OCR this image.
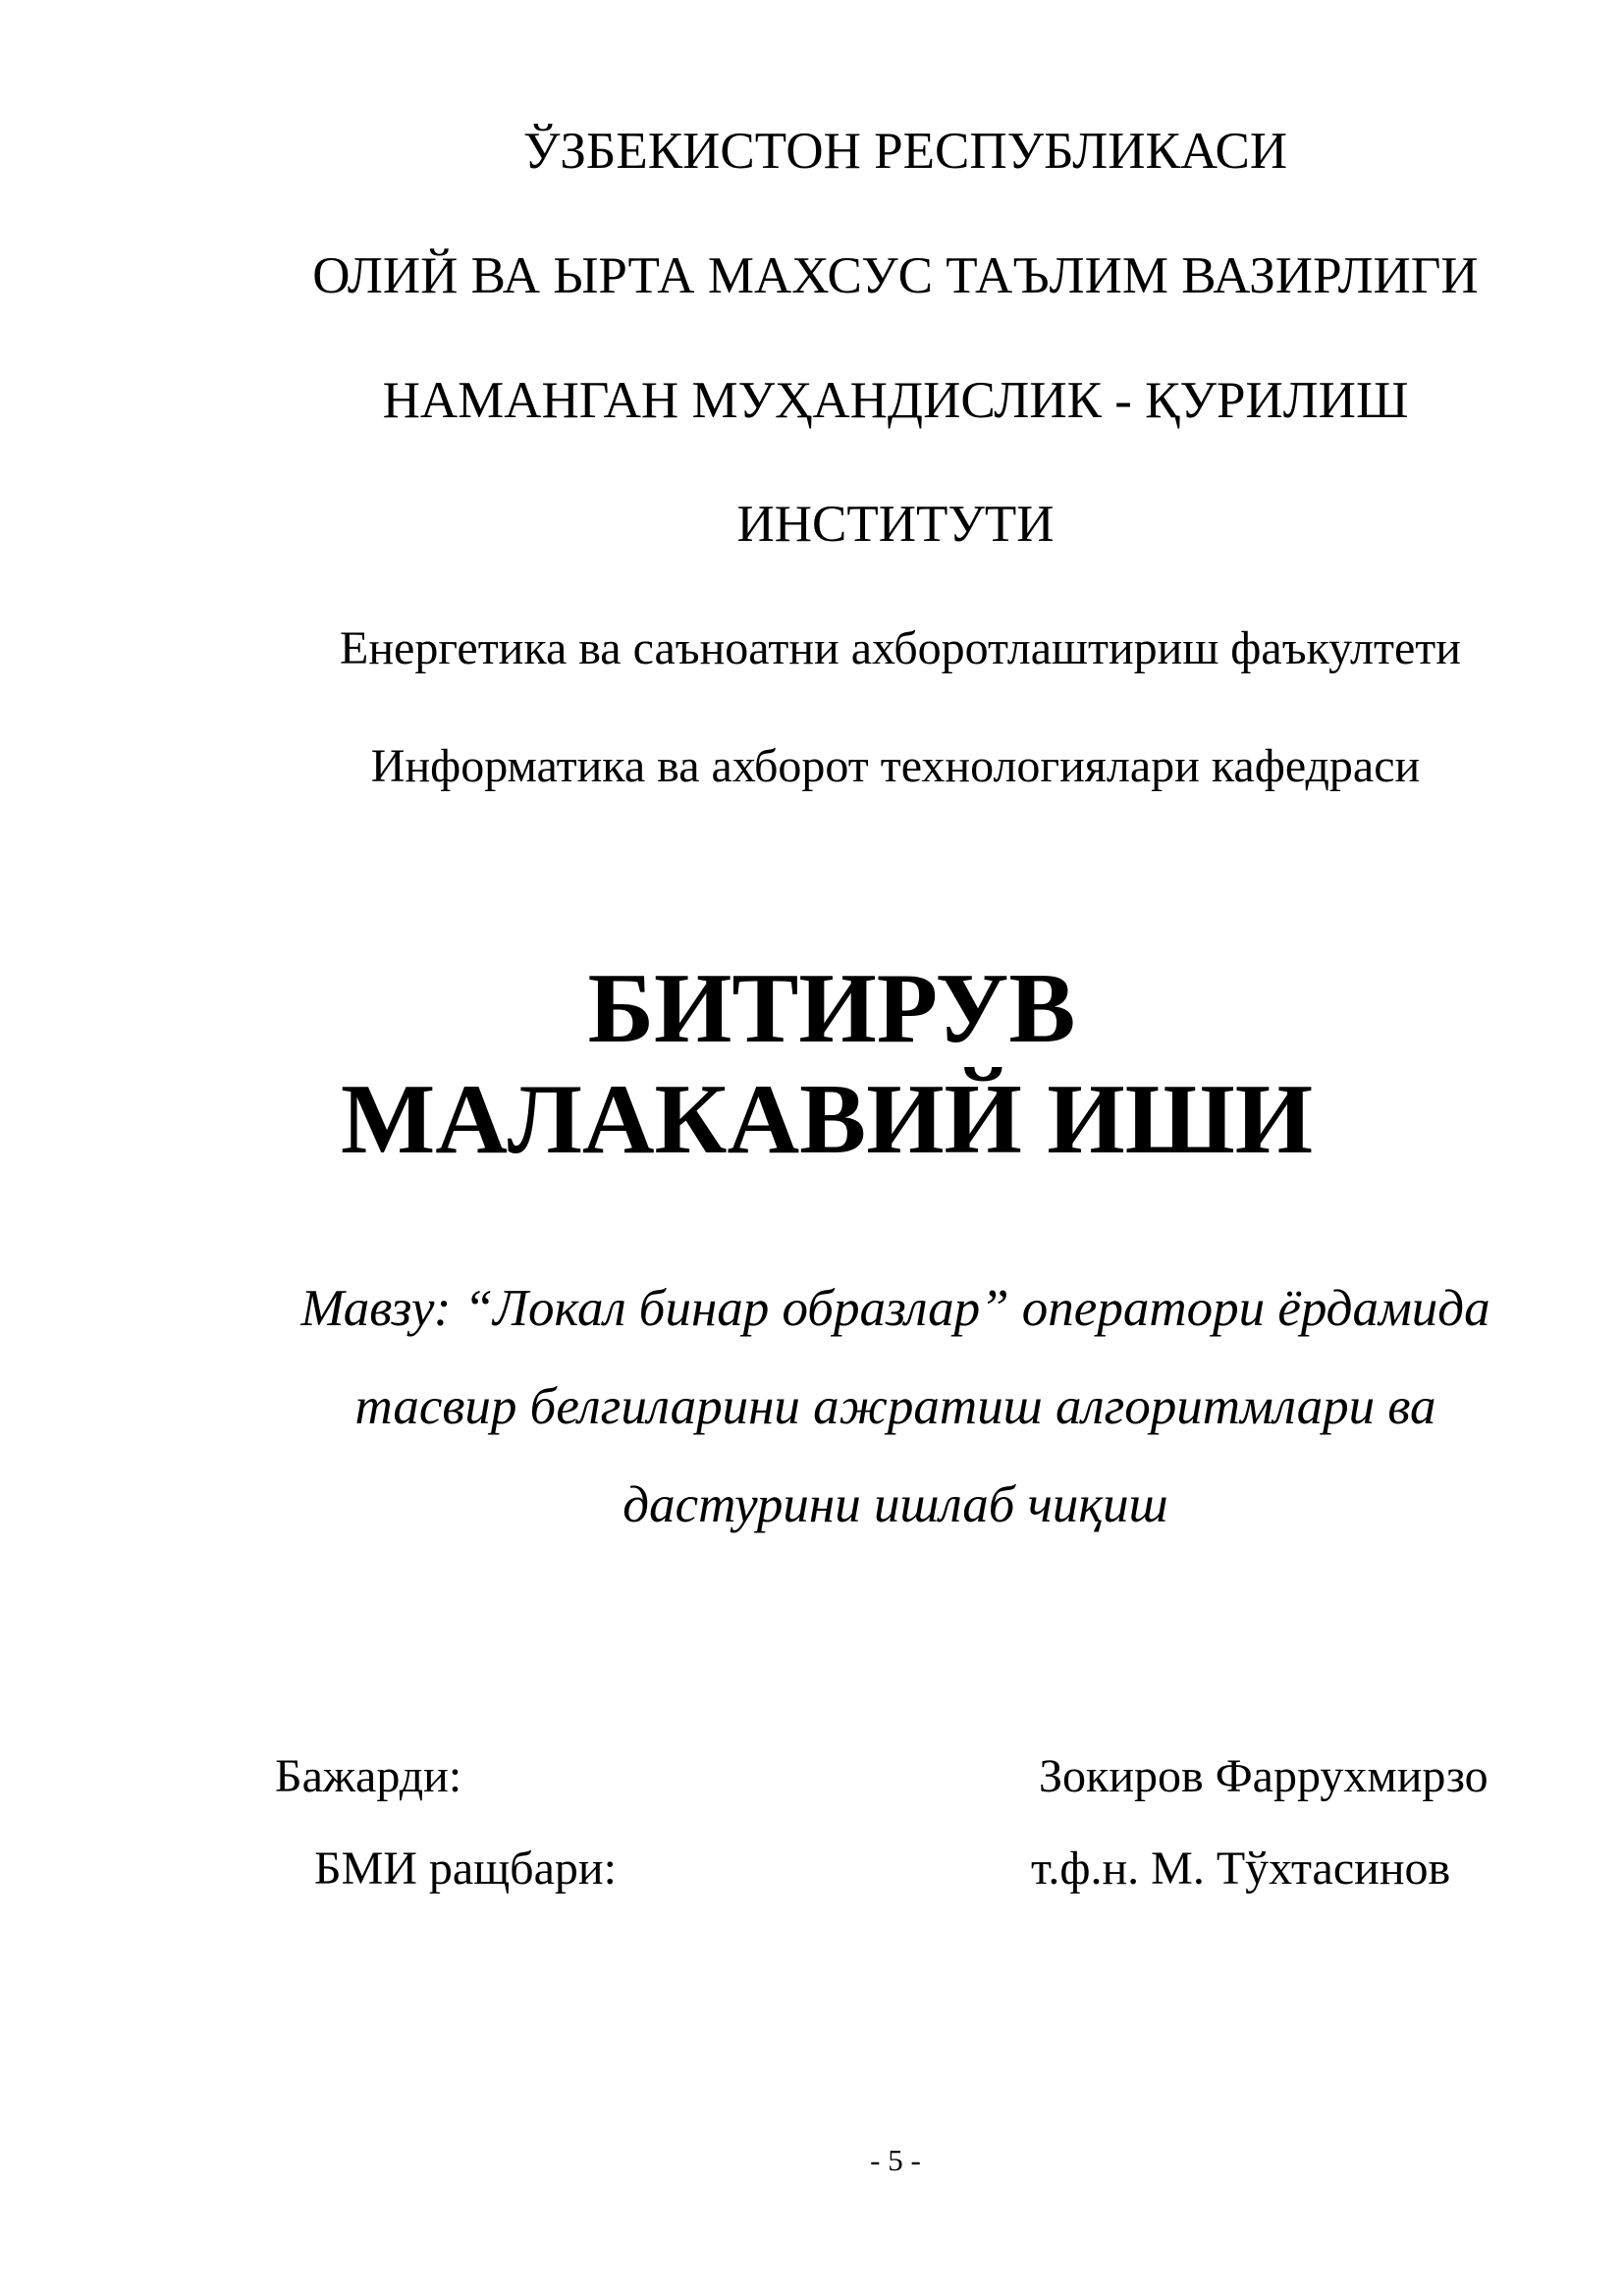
ЎЗБЕКИСТОН РЕСПУБЛИКАСИ
ОЛИЙ ВА ЫРТА МАХСУС ТАЪЛИМ ВАЗИРЛИГИ
НАМАНГАН МУҲАНДИСЛИК - ҚУРИЛИШ
ИНСТИТУТИ
Енергетика ва саъноатни ахборотлаштириш фаъкултети
Информатика ва ахборот технологиялари кафедраси
БИТИРУВ
МАЛАКАВИЙ ИШИ
Мавзу: “Локал бинар образлар” оператори ёрдамида
тасвир белгиларини ажратиш алгоритмлари ва
дастурини ишлаб чиқиш
Бажарди:	Зокиров Фаррухмирзо
БМИ ращбари:	т.ф.н. М. Тўхтасинов
- 5 -
